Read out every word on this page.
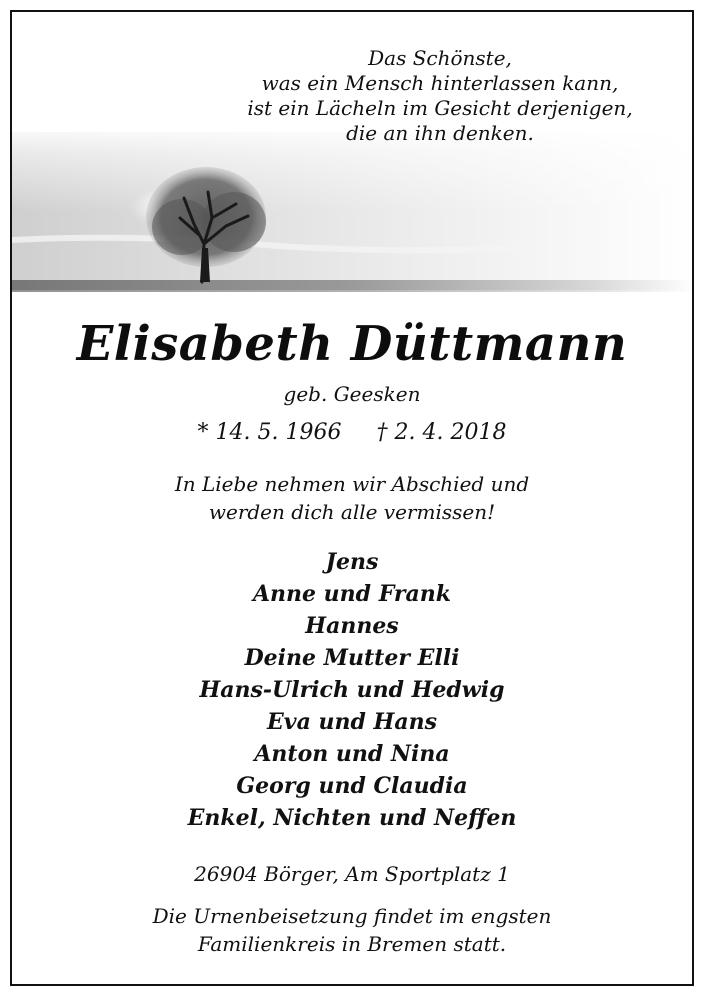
Das Schönste,
was ein Mensch hinterlassen kann,
ist ein Lächeln im Gesicht derjenigen,
die an ihn denken.
Elisabeth Düttmann
geb. Geesken
* 14. 5. 1966 † 2. 4. 2018
In Liebe nehmen wir Abschied und
werden dich alle vermissen!
Jens
Anne und Frank
Hannes
Deine Mutter Elli
Hans-Ulrich und Hedwig
Eva und Hans
Anton und Nina
Georg und Claudia
Enkel, Nichten und Neffen
26904 Börger, Am Sportplatz 1
Die Urnenbeisetzung findet im engsten
Familienkreis in Bremen statt.
